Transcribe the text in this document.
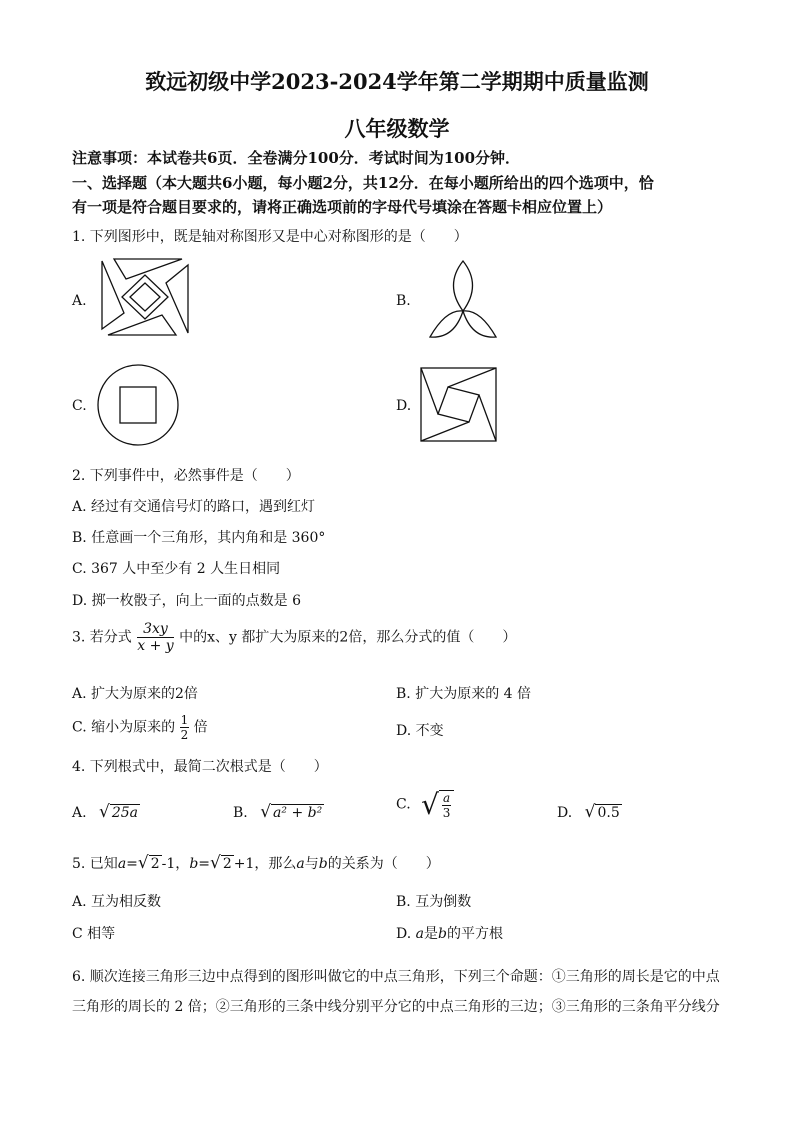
致远初级中学2023-2024学年第二学期期中质量监测
八年级数学
注意事项：本试卷共6页．全卷满分100分．考试时间为100分钟．
一、选择题（本大题共6小题，每小题2分，共12分．在每小题所给出的四个选项中，恰
有一项是符合题目要求的，请将正确选项前的字母代号填涂在答题卡相应位置上）
1. 下列图形中，既是轴对称图形又是中心对称图形的是（　　）
A.	B.
C.	D.
2. 下列事件中，必然事件是（　　）
A. 经过有交通信号灯的路口，遇到红灯
B. 任意画一个三角形，其内角和是 360°
C. 367 人中至少有 2 人生日相同
D. 掷一枚骰子，向上一面的点数是 6
3. 若分式 $\frac{3xy}{x + y}$ 中的x、y 都扩大为原来的2倍，那么分式的值（　　）
A. 扩大为原来的2倍	B. 扩大为原来的 4 倍
C. 缩小为原来的 $\frac{1}{2}$ 倍	D. 不变
4. 下列根式中，最简二次根式是（　　）
A. √ 25a	B. √ a² + b²
C. √ $\frac{a}{3}$	D. √ 0.5
5. 已知a=√ 2 -1，b=√ 2 +1，那么a与b的关系为（　　）
A. 互为相反数	B. 互为倒数
C 相等	D. a是b的平方根
6. 顺次连接三角形三边中点得到的图形叫做它的中点三角形，下列三个命题：①三角形的周长是它的中点
三角形的周长的 2 倍；②三角形的三条中线分别平分它的中点三角形的三边；③三角形的三条角平分线分
